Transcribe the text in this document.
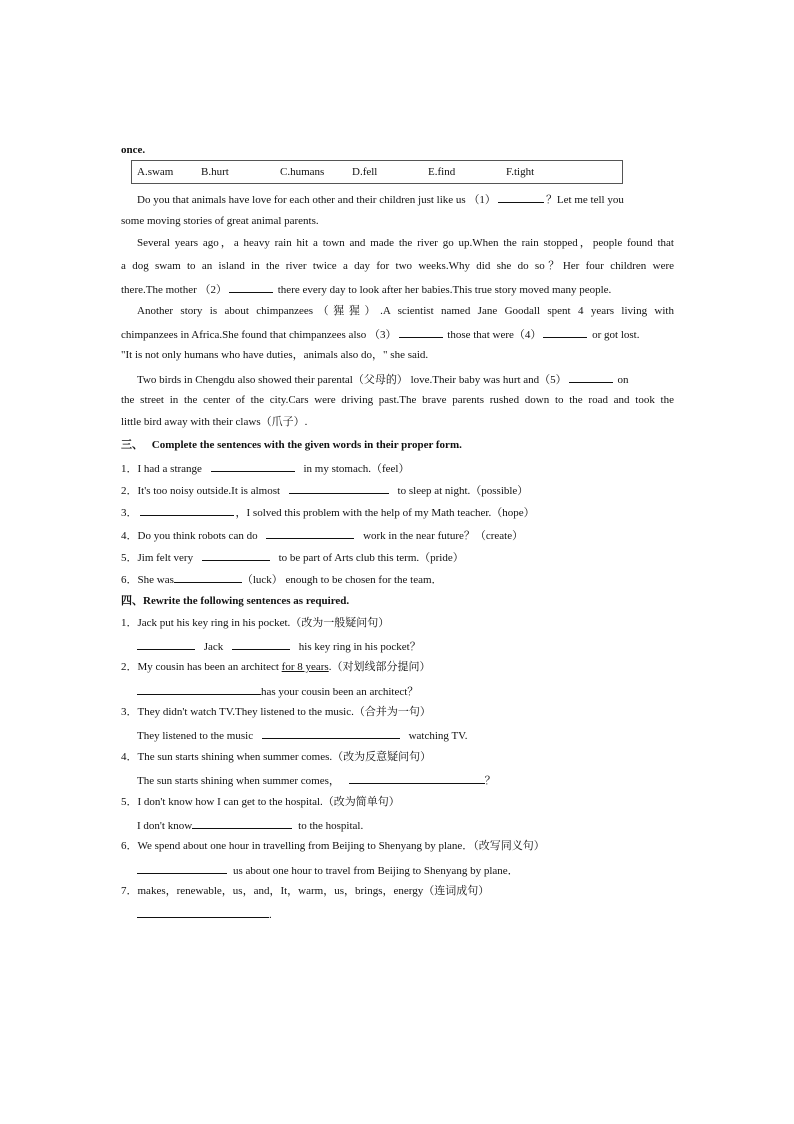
once.
A.swam	B.hurt	C.humans	D.fell	E.find	F.tight
Do you that animals have love for each other and their children just like us （1）	？Let me tell you
some moving stories of great animal parents.
Several years ago，a heavy rain hit a town and made the river go up.When the rain stopped，people found that
a dog swam to an island in the river twice a day for two weeks.Why did she do so？Her four children were
there.The mother （2）	there every day to look after her babies.This true story moved many people.
Another story is about chimpanzees（猩猩）.A scientist named Jane Goodall spent 4 years living with
chimpanzees in Africa.She found that chimpanzees also （3）	those that were（4）	or got lost.
"It is not only humans who have duties，animals also do，" she said.
Two birds in Chengdu also showed their parental（父母的） love.Their baby was hurt and（5）	on
the street in the center of the city.Cars were driving past.The brave parents rushed down to the road and took the
little bird away with their claws（爪子）.
三、 Complete the sentences with the given words in their proper form.
1．I had a strange	in my stomach.（feel）
2．It's too noisy outside.It is almost	to sleep at night.（possible）
3．	，I solved this problem with the help of my Math teacher.（hope）
4．Do you think robots can do	work in the near future？（create）
5．Jim felt very	to be part of Arts club this term.（pride）
6．She was	（luck） enough to be chosen for the team．
四、Rewrite the following sentences as required.
1．Jack put his key ring in his pocket.（改为一般疑问句）
Jack	his key ring in his pocket？
2．My cousin has been an architect for 8 years.（对划线部分提问）
has your cousin been an architect？
3．They didn't watch TV.They listened to the music.（合并为一句）
They listened to the music	watching TV.
4．The sun starts shining when summer comes.（改为反意疑问句）
The sun starts shining when summer comes，	？
5．I don't know how I can get to the hospital.（改为简单句）
I don't know	to the hospital.
6．We spend about one hour in travelling from Beijing to Shenyang by plane．（改写同义句）
us about one hour to travel from Beijing to Shenyang by plane．
7．makes，renewable，us，and，It，warm，us，brings，energy（连词成句）
.
